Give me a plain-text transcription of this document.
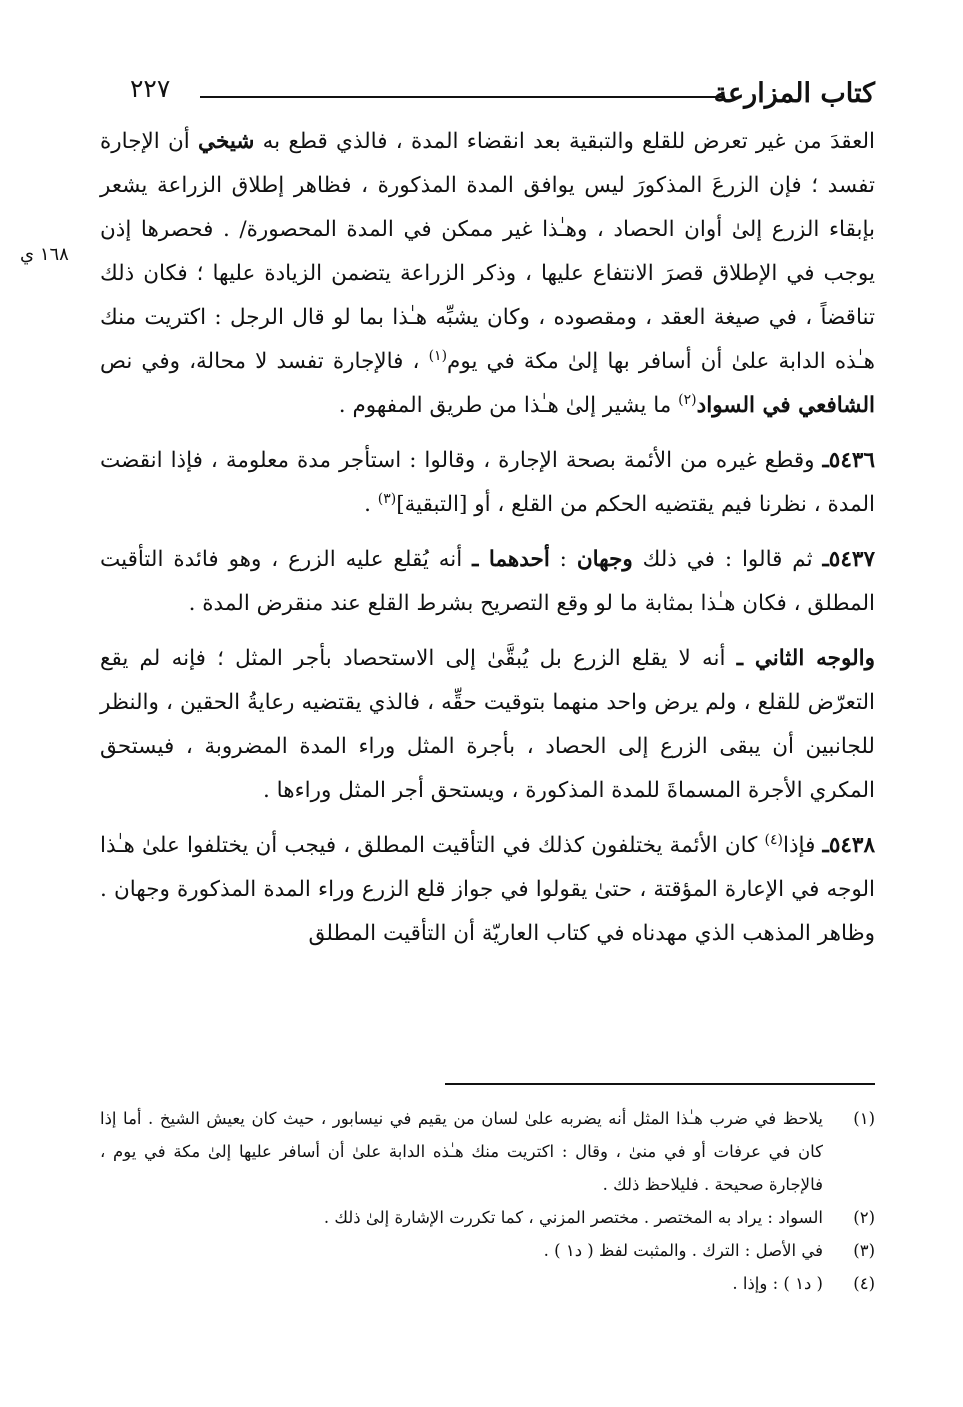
كتاب المزارعة
٢٢٧
١٦٨ ي

العقدَ من غير تعرض للقلع والتبقية بعد انقضاء المدة ، فالذي قطع به شيخي أن الإجارة تفسد ؛ فإن الزرعَ المذكورَ ليس يوافق المدة المذكورة ، فظاهر إطلاق الزراعة يشعر بإبقاء الزرع إلىٰ أوان الحصاد ، وهـٰذا غير ممكن في المدة المحصورة/ . فحصرها إذن يوجب في الإطلاق قصرَ الانتفاع عليها ، وذكر الزراعة يتضمن الزيادة عليها ؛ فكان ذلك تناقضاً ، في صيغة العقد ، ومقصوده ، وكان يشبِّه هـٰذا بما لو قال الرجل : اكتريت منك هـٰذه الدابة علىٰ أن أسافر بها إلىٰ مكة في يوم$^{(١)}$ ، فالإجارة تفسد لا محالة، وفي نص الشافعي في السواد$^{(٢)}$ ما يشير إلىٰ هـٰذا من طريق المفهوم .

٥٤٣٦ـ وقطع غيره من الأئمة بصحة الإجارة ، وقالوا : استأجر مدة معلومة ، فإذا انقضت المدة ، نظرنا فيم يقتضيه الحكم من القلع ، أو [التبقية]$^{(٣)}$ .

٥٤٣٧ـ ثم قالوا : في ذلك وجهان : أحدهما ـ أنه يُقلع عليه الزرع ، وهو فائدة التأقيت المطلق ، فكان هـٰذا بمثابة ما لو وقع التصريح بشرط القلع عند منقرض المدة .

والوجه الثاني ـ أنه لا يقلع الزرع بل يُبقَّىٰ إلى الاستحصاد بأجر المثل ؛ فإنه لم يقع التعرّض للقلع ، ولم يرض واحد منهما بتوقيت حقِّه ، فالذي يقتضيه رعايةُ الحقين ، والنظر للجانبين أن يبقى الزرع إلى الحصاد ، بأجرة المثل وراء المدة المضروبة ، فيستحق المكري الأجرة المسماةَ للمدة المذكورة ، ويستحق أجر المثل وراءها .

٥٤٣٨ـ فإذا$^{(٤)}$ كان الأئمة يختلفون كذلك في التأقيت المطلق ، فيجب أن يختلفوا علىٰ هـٰذا الوجه في الإعارة المؤقتة ، حتىٰ يقولوا في جواز قلع الزرع وراء المدة المذكورة وجهان . وظاهر المذهب الذي مهدناه في كتاب العاريّة أن التأقيت المطلق

(١)
يلاحظ في ضرب هـٰذا المثل أنه يضربه علىٰ لسان من يقيم في نيسابور ، حيث كان يعيش الشيخ . أما إذا كان في عرفات أو في منىٰ ، وقال : اكتريت منك هـٰذه الدابة علىٰ أن أسافر عليها إلىٰ مكة في يوم ، فالإجارة صحيحة . فليلاحظ ذلك .
(٢)
السواد : يراد به المختصر . مختصر المزني ، كما تكررت الإشارة إلىٰ ذلك .
(٣)
في الأصل : الترك . والمثبت لفظ ( د١ ) .
(٤)
( د١ ) : وإذا .
